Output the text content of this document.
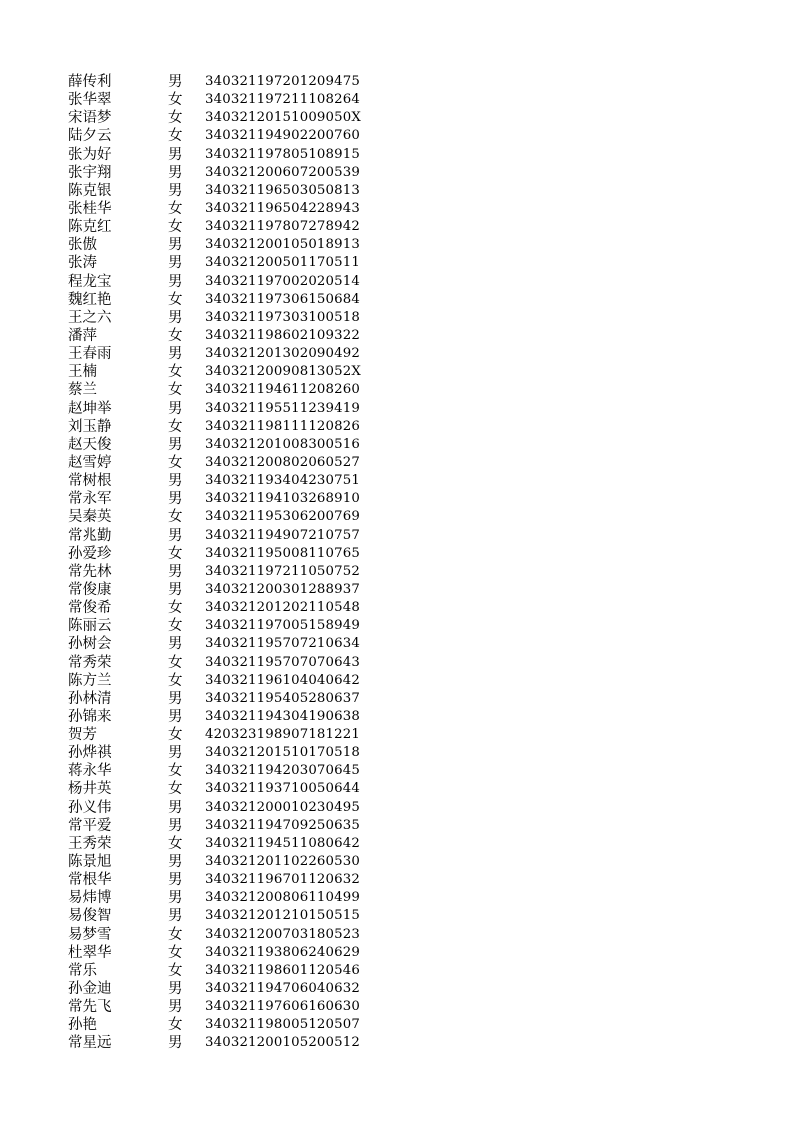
薛传利	男 340321197201209475
张华翠	女 340321197211108264
宋语梦	女 34032120151009050X
陆夕云	女 340321194902200760
张为好	男 340321197805108915
张宇翔	男 340321200607200539
陈克银	男 340321196503050813
张桂华	女 340321196504228943
陈克红	女 340321197807278942
张傲	男 340321200105018913
张涛	男 340321200501170511
程龙宝	男 340321197002020514
魏红艳	女 340321197306150684
王之六	男 340321197303100518
潘萍	女 340321198602109322
王春雨	男 340321201302090492
王楠	女 34032120090813052X
蔡兰	女 340321194611208260
赵坤举	男 340321195511239419
刘玉静	女 340321198111120826
赵天俊	男 340321201008300516
赵雪婷	女 340321200802060527
常树根	男 340321193404230751
常永军	男 340321194103268910
吴秦英	女 340321195306200769
常兆勤	男 340321194907210757
孙爱珍	女 340321195008110765
常先林	男 340321197211050752
常俊康	男 340321200301288937
常俊希	女 340321201202110548
陈丽云	女 340321197005158949
孙树会	男 340321195707210634
常秀荣	女 340321195707070643
陈方兰	女 340321196104040642
孙林清	男 340321195405280637
孙锦来	男 340321194304190638
贺芳	女 420323198907181221
孙烨祺	男 340321201510170518
蒋永华	女 340321194203070645
杨井英	女 340321193710050644
孙义伟	男 340321200010230495
常平爱	男 340321194709250635
王秀荣	女 340321194511080642
陈景旭	男 340321201102260530
常根华	男 340321196701120632
易炜博	男 340321200806110499
易俊智	男 340321201210150515
易梦雪	女 340321200703180523
杜翠华	女 340321193806240629
常乐	女 340321198601120546
孙金迪	男 340321194706040632
常先飞	男 340321197606160630
孙艳	女 340321198005120507
常星远	男 340321200105200512
